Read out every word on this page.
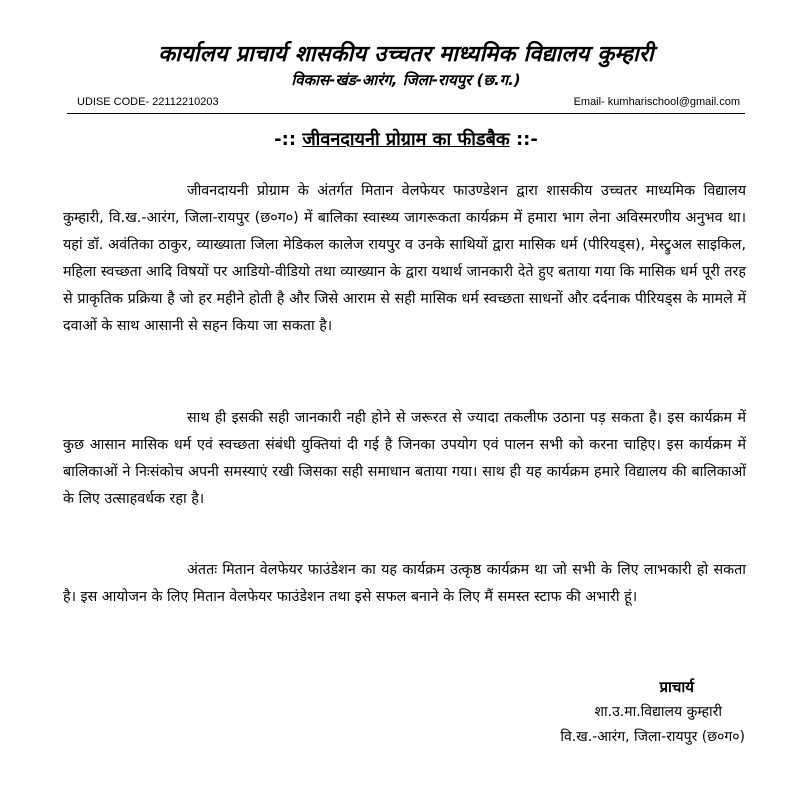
कार्यालय प्राचार्य शासकीय उच्चतर माध्यमिक विद्यालय कुम्हारी
विकास-खंड-आरंग, जिला-रायपुर (छ.ग.)
UDISE CODE- 22112210203	Email- kumharischool@gmail.com
-:: जीवनदायनी प्रोग्राम का फीडबैक ::-

जीवनदायनी प्रोग्राम के अंतर्गत मितान वेलफेयर फाउण्डेशन द्वारा शासकीय उच्चतर माध्यमिक विद्यालय कुम्हारी, वि.ख.-आरंग, जिला-रायपुर (छ०ग०) में बालिका स्वास्थ्य जागरूकता कार्यक्रम में हमारा भाग लेना अविस्मरणीय अनुभव था। यहां डॉ. अवंतिका ठाकुर, व्याख्याता जिला मेडिकल कालेज रायपुर व उनके साथियों द्वारा मासिक धर्म (पीरियड्स), मेस्ट्रुअल साइकिल, महिला स्वच्छता आदि विषयों पर आडियो-वीडियो तथा व्याख्यान के द्वारा यथार्थ जानकारी देते हुए बताया गया कि मासिक धर्म पूरी तरह से प्राकृतिक प्रक्रिया है जो हर महीने होती है और जिसे आराम से सही मासिक धर्म स्वच्छता साधनों और दर्दनाक पीरियड्स के मामले में दवाओं के साथ आसानी से सहन किया जा सकता है।

साथ ही इसकी सही जानकारी नही होने से जरूरत से ज्यादा तकलीफ उठाना पड़ सकता है। इस कार्यक्रम में कुछ आसान मासिक धर्म एवं स्वच्छता संबंधी युक्तियां दी गई है जिनका उपयोग एवं पालन सभी को करना चाहिए। इस कार्यक्रम में बालिकाओं ने निःसंकोच अपनी समस्याएं रखी जिसका सही समाधान बताया गया। साथ ही यह कार्यक्रम हमारे विद्यालय की बालिकाओं के लिए उत्साहवर्धक रहा है।

अंततः मितान वेलफेयर फाउंडेशन का यह कार्यक्रम उत्कृष्ठ कार्यक्रम था जो सभी के लिए लाभकारी हो सकता है। इस आयोजन के लिए मितान वेलफेयर फाउंडेशन तथा इसे सफल बनाने के लिए मैं समस्त स्टाफ की अभारी हूं।

प्राचार्य
शा.उ.मा.विद्यालय कुम्हारी
वि.ख.-आरंग, जिला-रायपुर (छ०ग०)
